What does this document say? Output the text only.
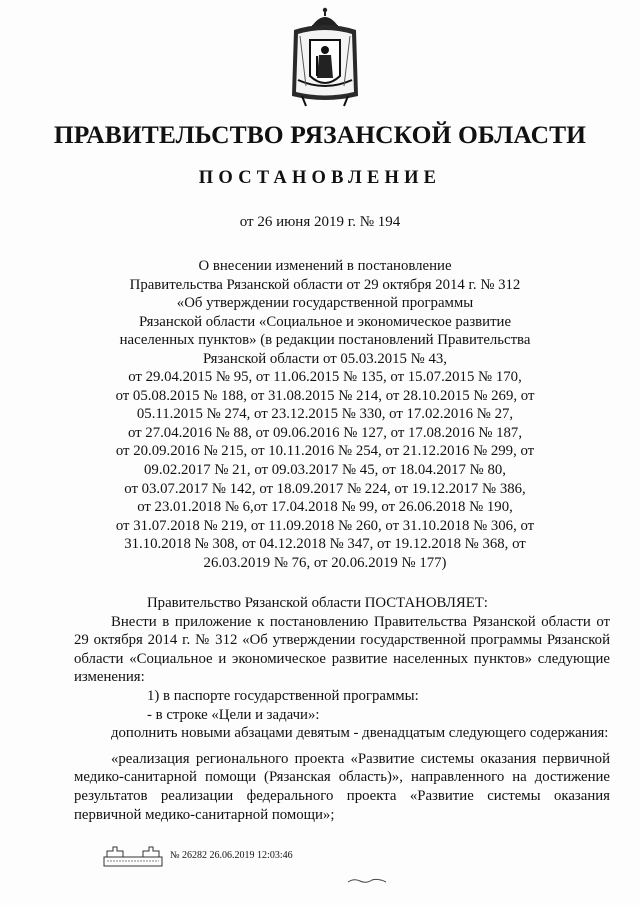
ПРАВИТЕЛЬСТВО РЯЗАНСКОЙ ОБЛАСТИ
ПОСТАНОВЛЕНИЕ
от 26 июня 2019 г. № 194
О внесении изменений в постановление
Правительства Рязанской области от 29 октября 2014 г. № 312
«Об утверждении государственной программы
Рязанской области «Социальное и экономическое развитие
населенных пунктов» (в редакции постановлений Правительства
Рязанской области от 05.03.2015 № 43,
от 29.04.2015 № 95, от 11.06.2015 № 135, от 15.07.2015 № 170,
от 05.08.2015 № 188, от 31.08.2015 № 214, от 28.10.2015 № 269, от
05.11.2015 № 274, от 23.12.2015 № 330, от 17.02.2016 № 27,
от 27.04.2016 № 88, от 09.06.2016 № 127, от 17.08.2016 № 187,
от 20.09.2016 № 215, от 10.11.2016 № 254, от 21.12.2016 № 299, от
09.02.2017 № 21, от 09.03.2017 № 45, от 18.04.2017 № 80,
от 03.07.2017 № 142, от 18.09.2017 № 224, от 19.12.2017 № 386,
от 23.01.2018 № 6,от 17.04.2018 № 99, от 26.06.2018 № 190,
от 31.07.2018 № 219, от 11.09.2018 № 260, от 31.10.2018 № 306, от
31.10.2018 № 308, от 04.12.2018 № 347, от 19.12.2018 № 368, от
26.03.2019 № 76, от 20.06.2019 № 177)

Правительство Рязанской области ПОСТАНОВЛЯЕТ:

Внести в приложение к постановлению Правительства Рязанской области от 29 октября 2014 г. № 312 «Об утверждении государственной программы Рязанской области «Социальное и экономическое развитие населенных пунктов» следующие изменения:

1) в паспорте государственной программы:

- в строке «Цели и задачи»:

дополнить новыми абзацами девятым - двенадцатым следующего содержания:

«реализация регионального проекта «Развитие системы оказания первичной медико-санитарной помощи (Рязанская область)», направленного на достижение результатов реализации федерального проекта «Развитие системы оказания первичной медико-санитарной помощи»;

№ 26282 26.06.2019 12:03:46
